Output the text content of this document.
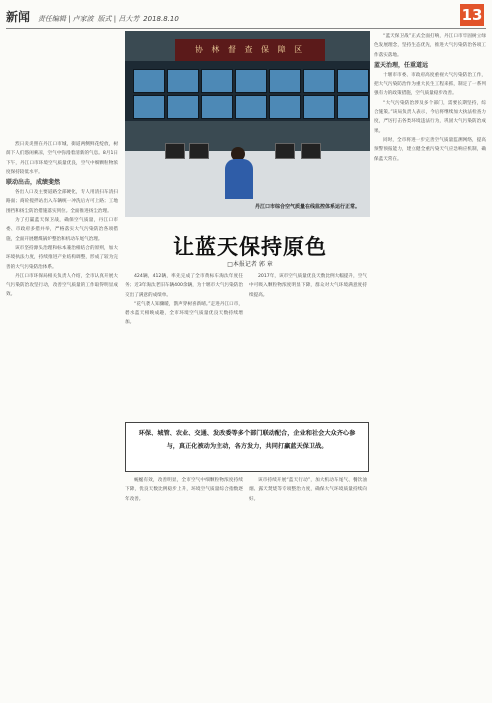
新闻 责任编辑 | 卢家波 版式 | 吕大芳 2018.8.10	13

烈日炎炎照在丹江口市城，街道两侧鲜花绽放，树荫下人们悠闲乘凉，空气中弥漫着清新的气息。8月1日下午，丹江口市环境空气质量优良，空气中细颗粒物浓度保持较低水平。

联动出击，成绩斐然

各出人口及主要道路全部硬化，专人用清扫车清扫路面；商砼搅拌站出入车辆统一冲洗后方可上路；工地围挡和扬尘防治措施落实到位。全面推进扬尘治理。

为了打赢蓝天保卫战，确保空气质量，丹江口市委、市政府多措并举，严格落实大气污染防治各项措施，全面开展燃煤锅炉整治和机动车尾气治理。

该市坚持源头治理和标本兼治相结合的原则，加大环境执法力度，持续推进产业结构调整，形成了较为完善的大气污染防治体系。

丹江口市环保局相关负责人介绍，全市认真开展大气污染防治攻坚行动，改善空气质量的工作取得明显成效。

协 林 督 查 保 障 区
丹江口市综合空气质量在线监控体系运行正常。
让蓝天保持原色
□本报记者 郭 章

424辆，412辆，率先完成了全市黄标车淘汰年度任务；近3年淘汰老旧车辆400余辆，为十堰市大气污染防治交出了满意的成绩单。

“花气袭人知骤暖，鹊声穿树喜新晴。”走进丹江口市，碧水蓝天相映成趣，全市环境空气质量优良天数持续增加。

2017年，该市空气质量优良天数比例大幅提升，空气中可吸入颗粒物浓度明显下降，群众对大气环境满意度持续提高。

环保、城管、农业、交通、发改委等多个部门联动配合，企业和社会大众齐心参与，真正化被动为主动，各方发力，共同打赢蓝天保卫战。

蜿蜒有效，改善明显，全市空气中细颗粒物浓度持续下降，优良天数比例稳步上升，环境空气质量综合指数逐年改善。

该市持续开展“蓝天行动”，加大机动车尾气、餐饮油烟、露天焚烧等专项整治力度，确保大气环境质量持续向好。

“蓝天保卫战”正式全面打响，丹江口市牢固树立绿色发展理念，坚持生态优先，推进大气污染防治各项工作落实落地。

蓝天治理，任重道远

十堰市市委、市政府高度重视大气污染防治工作，把大气污染防治作为重大民生工程来抓，制定了一系列强有力的政策措施，空气质量稳步改善。

“大气污染防治涉及多个部门，需要长期坚持，综合施策。”该局负责人表示，今后将继续加大执法检查力度，严厉打击各类环境违法行为，巩固大气污染防治成果。

同时，全市将进一步完善空气质量监测网络，提高预警预报能力，建立健全重污染天气应急响应机制，确保蓝天常在。
